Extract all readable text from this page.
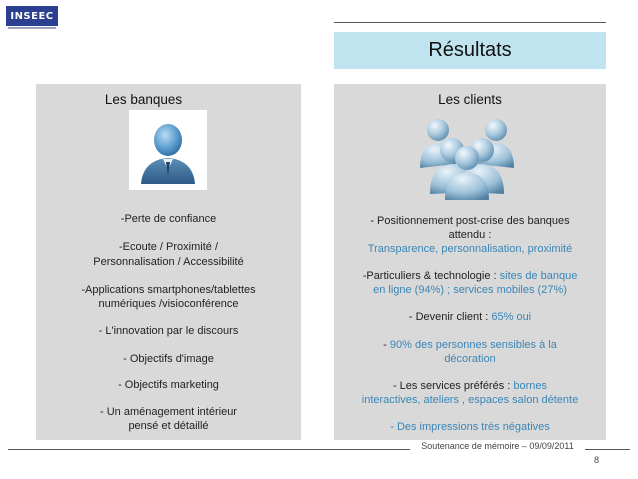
INSEEC
Résultats
Les banques
-Perte de confiance
-Ecoute / Proximité /
Personnalisation / Accessibilité
-Applications smartphones/tablettes
numériques /visioconférence
- L'innovation par le discours
- Objectifs d'image
- Objectifs marketing
- Un aménagement intérieur
pensé et détaillé
Les clients
- Positionnement post-crise des banques
attendu :
Transparence, personnalisation, proximité
-Particuliers & technologie : sites de banque
en ligne (94%) ; services mobiles (27%)
- Devenir client : 65% oui
- 90% des personnes sensibles à la
décoration
- Les services préférés : bornes
interactives, ateliers , espaces salon détente
- Des impressions très négatives
Soutenance de mémoire – 09/09/2011
8
